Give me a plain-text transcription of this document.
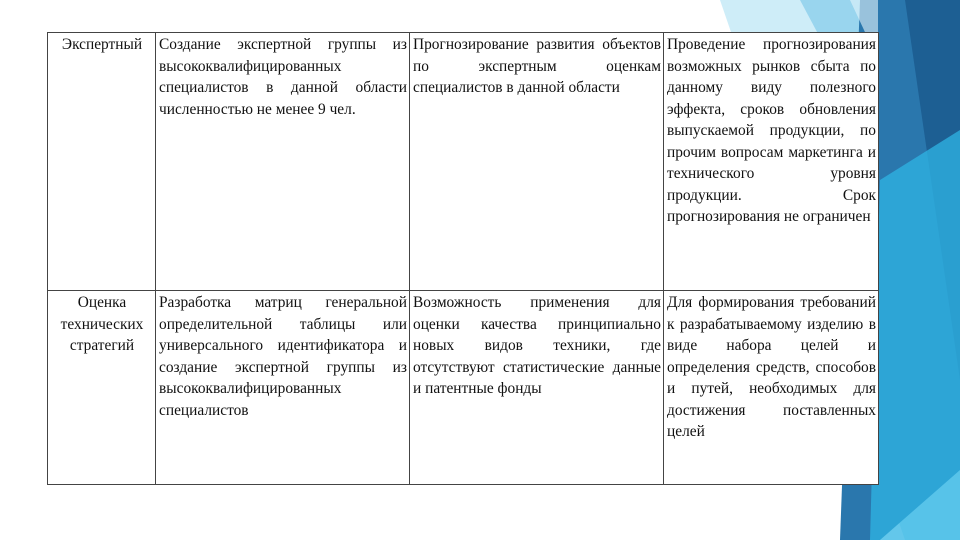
Экспертный	Создание экспертной группы из высококвалифицированных специалистов в данной области численностью не менее 9 чел.	Прогнозирование развития объектов по экспертным оценкам специалистов в данной области	Проведение прогнозирования возможных рынков сбыта по данному виду полезного эффекта, сроков обновления выпускаемой продукции, по прочим вопросам маркетинга и технического уровня продукции. Срок прогнозирования не ограничен

Оценка технических стратегий	Разработка матриц генеральной определительной таблицы или универсального идентификатора и создание экспертной группы из высококвалифицированных специалистов	Возможность применения для оценки качества принципиально новых видов техники, где отсутствуют статистические данные и патентные фонды	Для формирования требований к разрабатываемому изделию в виде набора целей и определения средств, способов и путей, необходимых для достижения поставленных целей
